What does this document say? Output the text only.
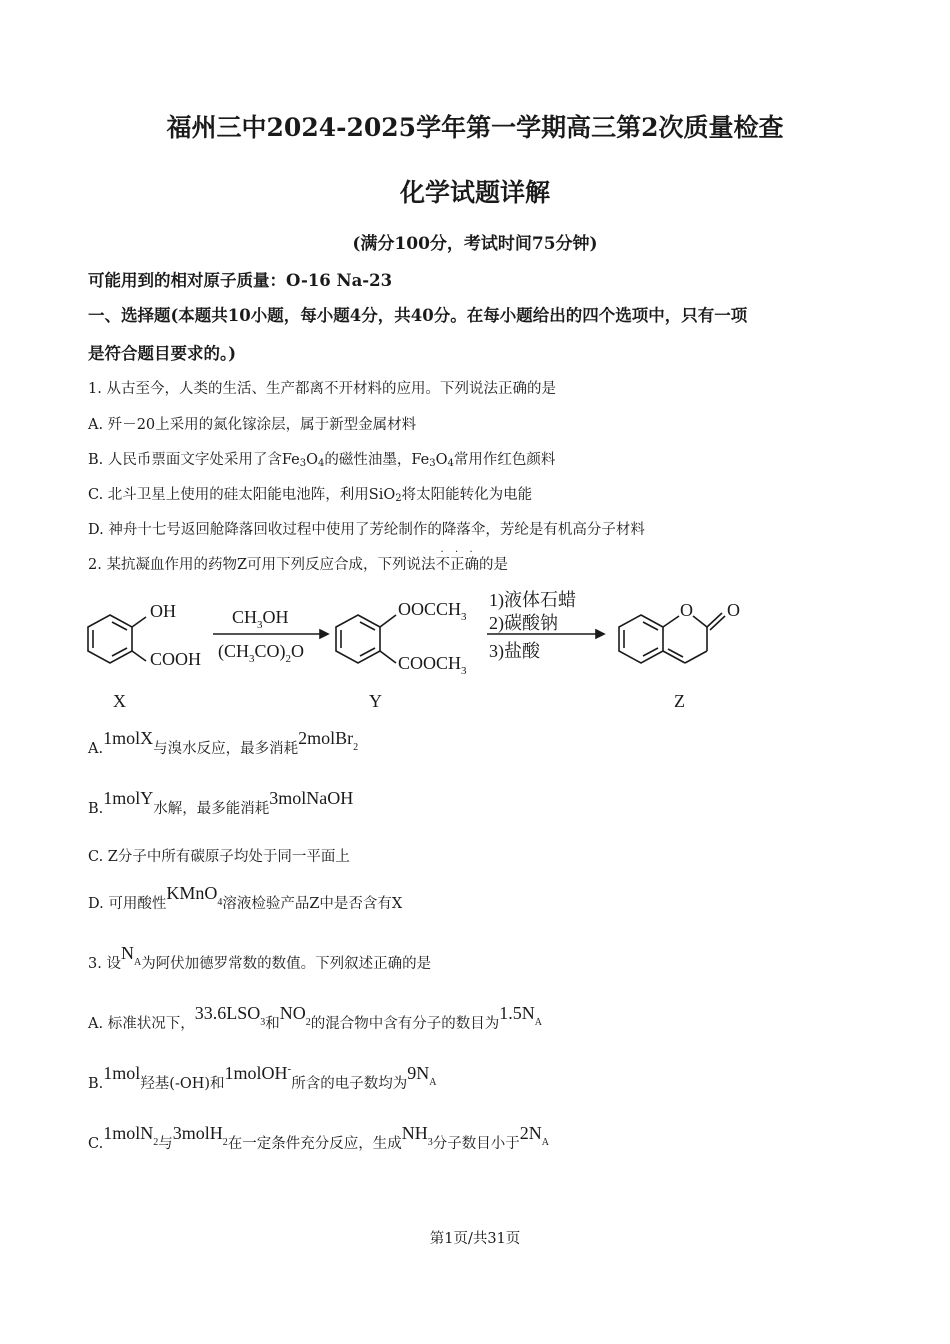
福州三中2024-2025学年第一学期高三第2次质量检查
化学试题详解
(满分100分，考试时间75分钟)
可能用到的相对原子质量：O-16 Na-23
一、选择题(本题共10小题，每小题4分，共40分。在每小题给出的四个选项中，只有一项
是符合题目要求的。)
1. 从古至今，人类的生活、生产都离不开材料的应用。下列说法正确的是
A. 歼－20上采用的氮化镓涂层，属于新型金属材料
B. 人民币票面文字处采用了含Fe3O4的磁性油墨，Fe3O4常用作红色颜料
C. 北斗卫星上使用的硅太阳能电池阵，利用SiO2将太阳能转化为电能
D. 神舟十七号返回舱降落回收过程中使用了芳纶制作的降落伞，芳纶是有机高分子材料
2. 某抗凝血作用的药物Z可用下列反应合成，下列说法
·
不
·
正
·
确的是
OH
COOH
X
$CH_3OH$
$(CH_3CO)_2O$
$OOCCH_3$
$COOCH_3$
Y
1)液体石蜡
2)碳酸钠
3)盐酸
O O
Z
A.1molX与溴水反应，最多消耗2molBr$_2$
B.1molY水解，最多能消耗3molNaOH
C. Z分子中所有碳原子均处于同一平面上
D. 可用酸性KMnO$_4$溶液检验产品Z中是否含有X
3. 设$N_A$为阿伏加德罗常数的数值。下列叙述正确的是
A. 标准状况下，$33.6LSO_3$和$NO_2$的混合物中含有分子的数目为$1.5N_A$
B.1mol羟基(-OH)和1molOH-所含的电子数均为$9N_A$
C.1molN$_2$与3molH$_2$在一定条件充分反应，生成$NH_3$分子数目小于$2N_A$
第1页/共31页
